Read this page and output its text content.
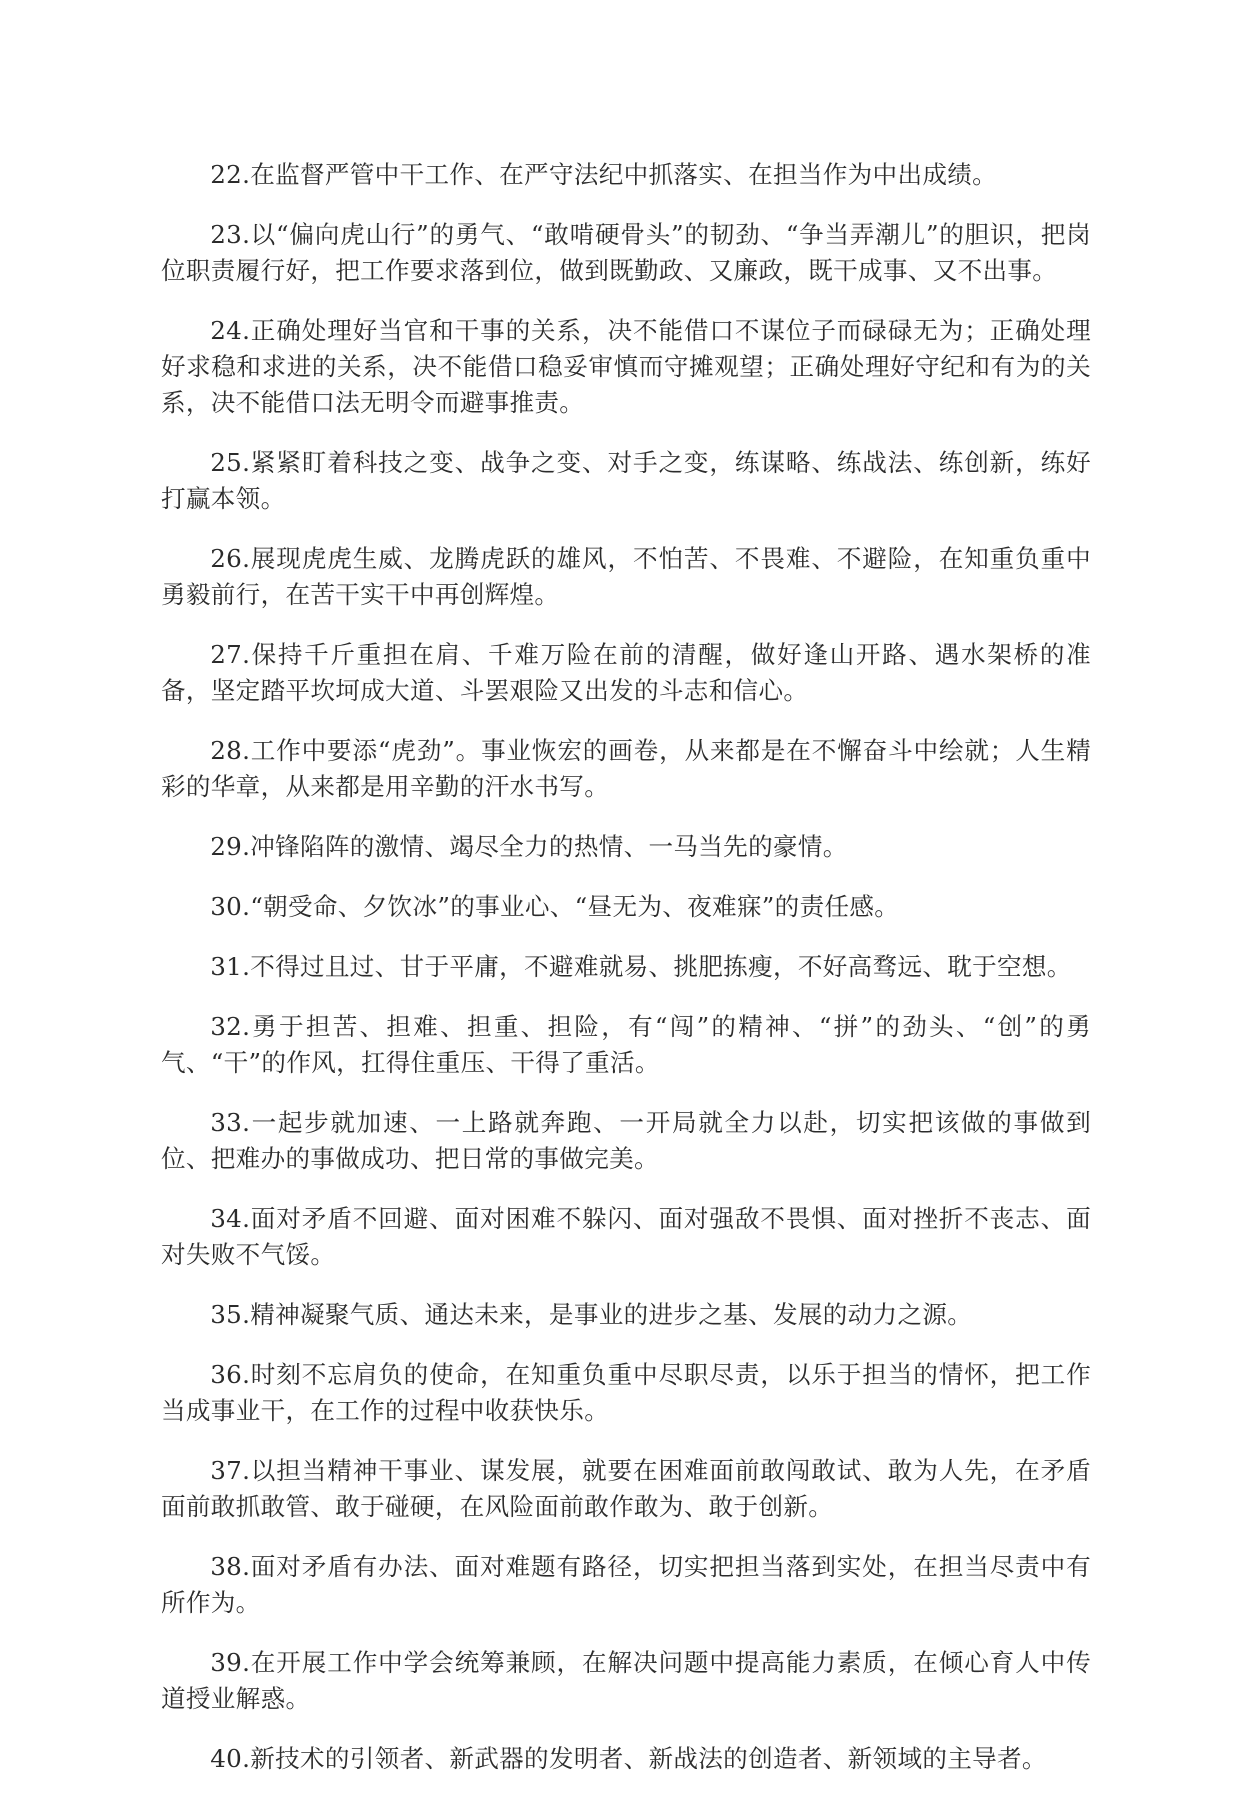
22.在监督严管中干工作、在严守法纪中抓落实、在担当作为中出成绩。

23.以“偏向虎山行”的勇气、“敢啃硬骨头”的韧劲、“争当弄潮儿”的胆识，把岗位职责履行好，把工作要求落到位，做到既勤政、又廉政，既干成事、又不出事。

24.正确处理好当官和干事的关系，决不能借口不谋位子而碌碌无为；正确处理好求稳和求进的关系，决不能借口稳妥审慎而守摊观望；正确处理好守纪和有为的关系，决不能借口法无明令而避事推责。

25.紧紧盯着科技之变、战争之变、对手之变，练谋略、练战法、练创新，练好打赢本领。

26.展现虎虎生威、龙腾虎跃的雄风，不怕苦、不畏难、不避险，在知重负重中勇毅前行，在苦干实干中再创辉煌。

27.保持千斤重担在肩、千难万险在前的清醒，做好逢山开路、遇水架桥的准备，坚定踏平坎坷成大道、斗罢艰险又出发的斗志和信心。

28.工作中要添“虎劲”。事业恢宏的画卷，从来都是在不懈奋斗中绘就；人生精彩的华章，从来都是用辛勤的汗水书写。

29.冲锋陷阵的激情、竭尽全力的热情、一马当先的豪情。

30.“朝受命、夕饮冰”的事业心、“昼无为、夜难寐”的责任感。

31.不得过且过、甘于平庸，不避难就易、挑肥拣瘦，不好高骛远、耽于空想。

32.勇于担苦、担难、担重、担险，有“闯”的精神、“拼”的劲头、“创”的勇气、“干”的作风，扛得住重压、干得了重活。

33.一起步就加速、一上路就奔跑、一开局就全力以赴，切实把该做的事做到位、把难办的事做成功、把日常的事做完美。

34.面对矛盾不回避、面对困难不躲闪、面对强敌不畏惧、面对挫折不丧志、面对失败不气馁。

35.精神凝聚气质、通达未来，是事业的进步之基、发展的动力之源。

36.时刻不忘肩负的使命，在知重负重中尽职尽责，以乐于担当的情怀，把工作当成事业干，在工作的过程中收获快乐。

37.以担当精神干事业、谋发展，就要在困难面前敢闯敢试、敢为人先，在矛盾面前敢抓敢管、敢于碰硬，在风险面前敢作敢为、敢于创新。

38.面对矛盾有办法、面对难题有路径，切实把担当落到实处，在担当尽责中有所作为。

39.在开展工作中学会统筹兼顾，在解决问题中提高能力素质，在倾心育人中传道授业解惑。

40.新技术的引领者、新武器的发明者、新战法的创造者、新领域的主导者。
